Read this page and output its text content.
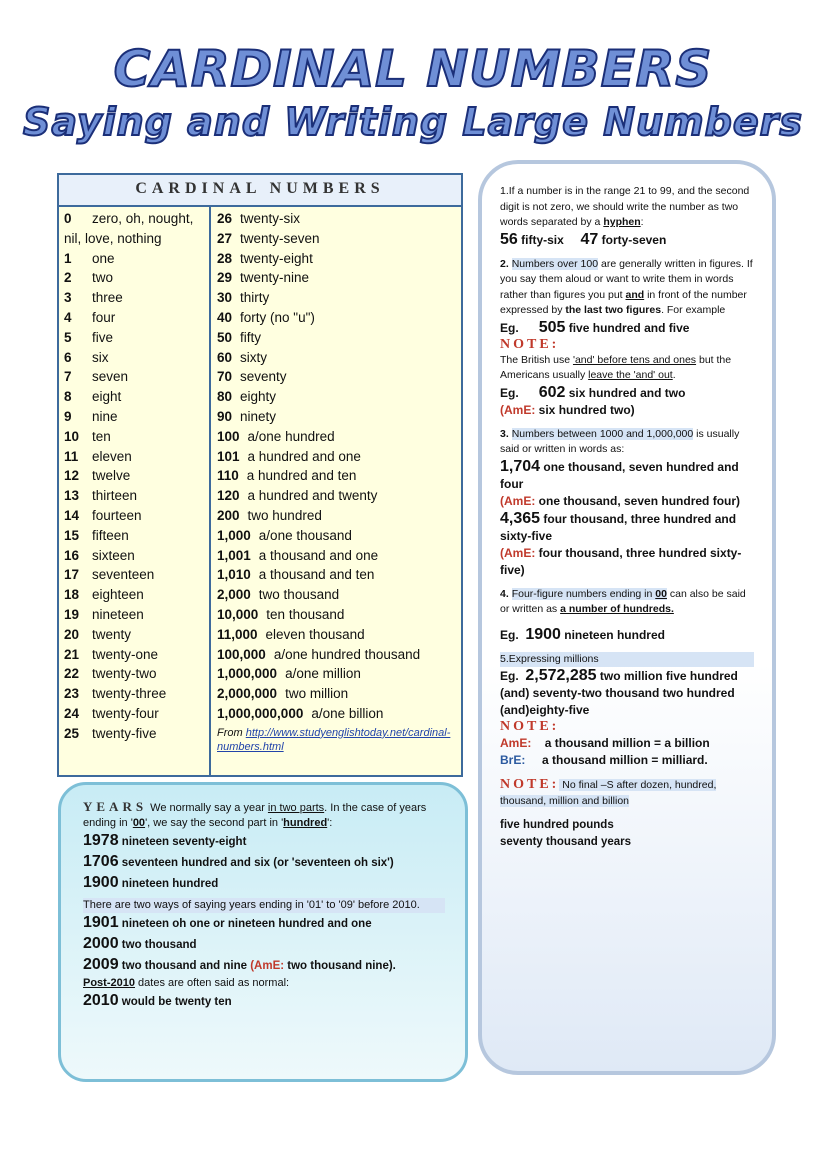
CARDINAL NUMBERS
Saying and Writing Large Numbers
CARDINAL NUMBERS
0 zero, oh, nought, nil, love, nothing
1 one
2 two
3 three
4 four
5 five
6 six
7 seven
8 eight
9 nine
10 ten
11 eleven
12 twelve
13 thirteen
14 fourteen
15 fifteen
16 sixteen
17 seventeen
18 eighteen
19 nineteen
20 twenty
21 twenty-one
22 twenty-two
23 twenty-three
24 twenty-four
25 twenty-five
26 twenty-six
27 twenty-seven
28 twenty-eight
29 twenty-nine
30 thirty
40 forty (no "u")
50 fifty
60 sixty
70 seventy
80 eighty
90 ninety
100 a/one hundred
101 a hundred and one
110 a hundred and ten
120 a hundred and twenty
200 two hundred
1,000 a/one thousand
1,001 a thousand and one
1,010 a thousand and ten
2,000 two thousand
10,000 ten thousand
11,000 eleven thousand
100,000 a/one hundred thousand
1,000,000 a/one million
2,000,000 two million
1,000,000,000 a/one billion
From http://www.studyenglishtoday.net/cardinal-numbers.html

YEARS We normally say a year in two parts. In the case of years ending in '00', we say the second part in 'hundred':

1978 nineteen seventy-eight

1706 seventeen hundred and six (or 'seventeen oh six')

1900 nineteen hundred

There are two ways of saying years ending in '01' to '09' before 2010.

1901 nineteen oh one or nineteen hundred and one

2000 two thousand

2009 two thousand and nine (AmE: two thousand nine).

Post-2010 dates are often said as normal:

2010 would be twenty ten

1.If a number is in the range 21 to 99, and the second digit is not zero, we should write the number as two words separated by a hyphen:

56 fifty-six 47 forty-seven

2. Numbers over 100 are generally written in figures. If you say them aloud or want to write them in words rather than figures you put and in front of the number expressed by the last two figures. For example

Eg. 505 five hundred and five

NOTE:

The British use 'and' before tens and ones but the Americans usually leave the 'and' out.

Eg. 602 six hundred and two

(AmE: six hundred two)

3. Numbers between 1000 and 1,000,000 is usually said or written in words as:

1,704 one thousand, seven hundred and four

(AmE: one thousand, seven hundred four)

4,365 four thousand, three hundred and sixty-five

(AmE: four thousand, three hundred sixty-five)

4. Four-figure numbers ending in 00 can also be said or written as a number of hundreds.

Eg. 1900 nineteen hundred

5.Expressing millions

Eg. 2,572,285 two million five hundred (and) seventy-two thousand two hundred (and)eighty-five

NOTE:

AmE: a thousand million = a billion

BrE: a thousand million = milliard.

NOTE: No final –S after dozen, hundred, thousand, million and billion

five hundred pounds

seventy thousand years
